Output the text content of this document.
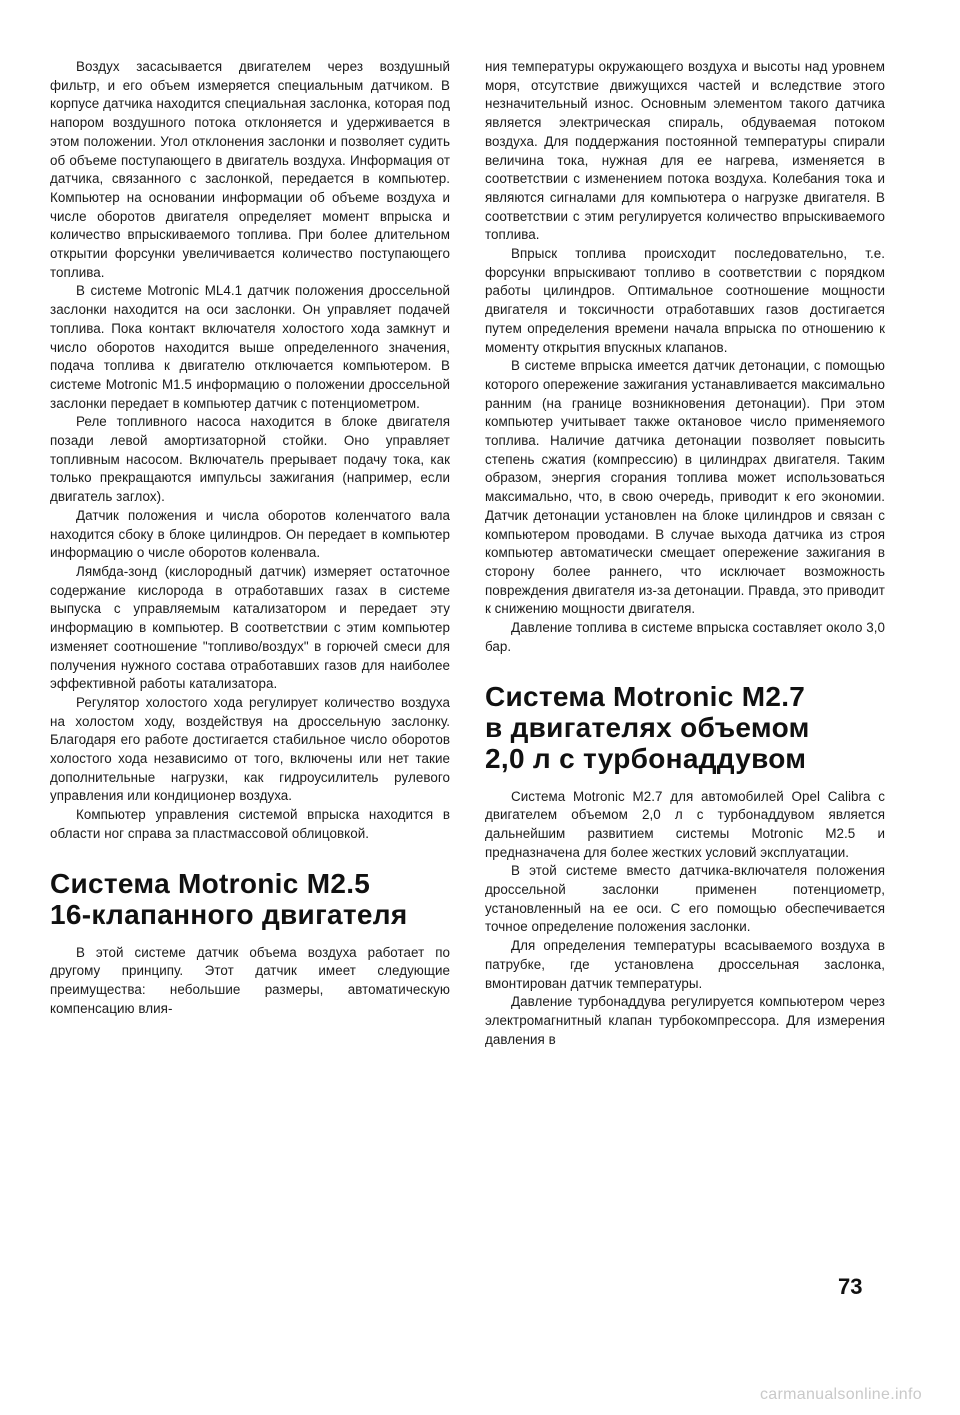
Воздух засасывается двигателем через воздушный фильтр, и его объем измеряется специальным датчиком. В корпусе датчика находится специальная заслонка, которая под напором воздушного потока отклоняется и удерживается в этом положении. Угол отклонения заслонки и позволяет судить об объеме поступающего в двигатель воздуха. Информация от датчика, связанного с заслонкой, передается в компьютер. Компьютер на основании информации об объеме воздуха и числе оборотов двигателя определяет момент впрыска и количество впрыскиваемого топлива. При более длительном открытии форсунки увеличивается количество поступающего топлива.

В системе Motronic ML4.1 датчик положения дроссельной заслонки находится на оси заслонки. Он управляет подачей топлива. Пока контакт включателя холостого хода замкнут и число оборотов находится выше определенного значения, подача топлива к двигателю отключается компьютером. В системе Motronic M1.5 информацию о положении дроссельной заслонки передает в компьютер датчик с потенциометром.

Реле топливного насоса находится в блоке двигателя позади левой амортизаторной стойки. Оно управляет топливным насосом. Включатель прерывает подачу тока, как только прекращаются импульсы зажигания (например, если двигатель заглох).

Датчик положения и числа оборотов коленчатого вала находится сбоку в блоке цилиндров. Он передает в компьютер информацию о числе оборотов коленвала.

Лямбда-зонд (кислородный датчик) измеряет остаточное содержание кислорода в отработавших газах в системе выпуска с управляемым катализатором и передает эту информацию в компьютер. В соответствии с этим компьютер изменяет соотношение "топливо/воздух" в горючей смеси для получения нужного состава отработавших газов для наиболее эффективной работы катализатора.

Регулятор холостого хода регулирует количество воздуха на холостом ходу, воздействуя на дроссельную заслонку. Благодаря его работе достигается стабильное число оборотов холостого хода независимо от того, включены или нет такие дополнительные нагрузки, как гидроусилитель рулевого управления или кондиционер воздуха.

Компьютер управления системой впрыска находится в области ног справа за пластмассовой облицовкой.

Система Motronic M2.5
16-клапанного двигателя

В этой системе датчик объема воздуха работает по другому принципу. Этот датчик имеет следующие преимущества: небольшие размеры, автоматическую компенсацию влия-

ния температуры окружающего воздуха и высоты над уровнем моря, отсутствие движущихся частей и вследствие этого незначительный износ. Основным элементом такого датчика является электрическая спираль, обдуваемая потоком воздуха. Для поддержания постоянной температуры спирали величина тока, нужная для ее нагрева, изменяется в соответствии с изменением потока воздуха. Колебания тока и являются сигналами для компьютера о нагрузке двигателя. В соответствии с этим регулируется количество впрыскиваемого топлива.

Впрыск топлива происходит последовательно, т.е. форсунки впрыскивают топливо в соответствии с порядком работы цилиндров. Оптимальное соотношение мощности двигателя и токсичности отработавших газов достигается путем определения времени начала впрыска по отношению к моменту открытия впускных клапанов.

В системе впрыска имеется датчик детонации, с помощью которого опережение зажигания устанавливается максимально ранним (на границе возникновения детонации). При этом компьютер учитывает также октановое число применяемого топлива. Наличие датчика детонации позволяет повысить степень сжатия (компрессию) в цилиндрах двигателя. Таким образом, энергия сгорания топлива может использоваться максимально, что, в свою очередь, приводит к его экономии. Датчик детонации установлен на блоке цилиндров и связан с компьютером проводами. В случае выхода датчика из строя компьютер автоматически смещает опережение зажигания в сторону более раннего, что исключает возможность повреждения двигателя из-за детонации. Правда, это приводит к снижению мощности двигателя.

Давление топлива в системе впрыска составляет около 3,0 бар.

Система Motronic M2.7
в двигателях объемом
2,0 л с турбонаддувом

Система Motronic M2.7 для автомобилей Opel Calibra с двигателем объемом 2,0 л с турбонаддувом является дальнейшим развитием системы Motronic M2.5 и предназначена для более жестких условий эксплуатации.

В этой системе вместо датчика-включателя положения дроссельной заслонки применен потенциометр, установленный на ее оси. С его помощью обеспечивается точное определение положения заслонки.

Для определения температуры всасываемого воздуха в патрубке, где установлена дроссельная заслонка, вмонтирован датчик температуры.

Давление турбонаддува регулируется компьютером через электромагнитный клапан турбокомпрессора. Для измерения давления в

73
carmanualsonline.info
